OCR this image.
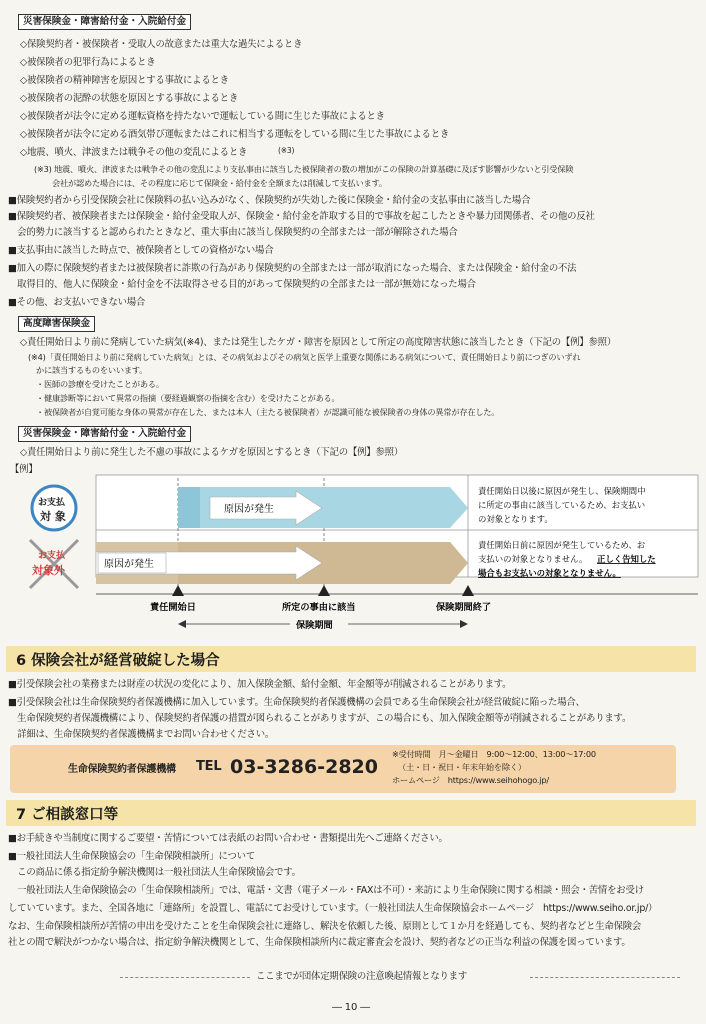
災害保険金・障害給付金・入院給付金
◇保険契約者・被保険者・受取人の故意または重大な過失によるとき
◇被保険者の犯罪行為によるとき
◇被保険者の精神障害を原因とする事故によるとき
◇被保険者の泥酔の状態を原因とする事故によるとき
◇被保険者が法令に定める運転資格を持たないで運転している間に生じた事故によるとき
◇被保険者が法令に定める酒気帯び運転またはこれに相当する運転をしている間に生じた事故によるとき
◇地震、噴火、津波または戦争その他の変乱によるとき	(※3)
(※3) 地震、噴火、津波または戦争その他の変乱により支払事由に該当した被保険者の数の増加がこの保険の計算基礎に及ぼす影響が少ないと引受保険
会社が認めた場合には、その程度に応じて保険金・給付金を全額または削減して支払います。
■保険契約者から引受保険会社に保険料の払い込みがなく、保険契約が失効した後に保険金・給付金の支払事由に該当した場合
■保険契約者、被保険者または保険金・給付金受取人が、保険金・給付金を詐取する目的で事故を起こしたときや暴力団関係者、その他の反社
　会的勢力に該当すると認められたときなど、重大事由に該当し保険契約の全部または一部が解除された場合
■支払事由に該当した時点で、被保険者としての資格がない場合
■加入の際に保険契約者または被保険者に詐欺の行為があり保険契約の全部または一部が取消になった場合、または保険金・給付金の不法
　取得目的、他人に保険金・給付金を不法取得させる目的があって保険契約の全部または一部が無効になった場合
■その他、お支払いできない場合
高度障害保険金
◇責任開始日より前に発病していた病気(※4)、または発生したケガ・障害を原因として所定の高度障害状態に該当したとき（下記の【例】参照）
(※4)「責任開始日より前に発病していた病気」とは、その病気およびその病気と医学上重要な関係にある病気について、責任開始日より前につぎのいずれ
かに該当するものをいいます。
・医師の診療を受けたことがある。
・健康診断等において異常の指摘（要経過観察の指摘を含む）を受けたことがある。
・被保険者が自覚可能な身体の異常が存在した、または本人（主たる被保険者）が認識可能な被保険者の身体の異常が存在した。
災害保険金・障害給付金・入院給付金
◇責任開始日より前に発生した不慮の事故によるケガを原因とするとき（下記の【例】参照）
【例】
原因が発生
原因が発生
お支払
対 象
お支払
対象外
責任開始日以後に原因が発生し、保険期間中
に所定の事由に該当しているため、お支払い
の対象となります。
責任開始日前に原因が発生しているため、お
支払いの対象となりません。 正しく告知した
場合もお支払いの対象となりません。
責任開始日	所定の事由に該当	保険期間終了
保険期間
6 保険会社が経営破綻した場合
■引受保険会社の業務または財産の状況の変化により、加入保険金額、給付金額、年金額等が削減されることがあります。
■引受保険会社は生命保険契約者保護機構に加入しています。生命保険契約者保護機構の会員である生命保険会社が経営破綻に陥った場合、
　生命保険契約者保護機構により、保険契約者保護の措置が図られることがありますが、この場合にも、加入保険金額等が削減されることがあります。
　詳細は、生命保険契約者保護機構までお問い合わせください。
生命保険契約者保護機構 TEL 03-3286-2820
※受付時間　月～金曜日　9:00～12:00、13:00～17:00
（土・日・祝日・年末年始を除く）
ホームページ　https://www.seihohogo.jp/
7 ご相談窓口等
■お手続きや当制度に関するご要望・苦情については表紙のお問い合わせ・書類提出先へご連絡ください。
■一般社団法人生命保険協会の「生命保険相談所」について
　この商品に係る指定紛争解決機関は一般社団法人生命保険協会です。
　一般社団法人生命保険協会の「生命保険相談所」では、電話・文書（電子メール・FAXは不可）・来訪により生命保険に関する相談・照会・苦情をお受け
していています。また、全国各地に「連絡所」を設置し、電話にてお受けしています。（一般社団法人生命保険協会ホームページ　https://www.seiho.or.jp/）
なお、生命保険相談所が苦情の申出を受けたことを生命保険会社に連絡し、解決を依頼した後、原則として１か月を経過しても、契約者などと生命保険会
社との間で解決がつかない場合は、指定紛争解決機関として、生命保険相談所内に裁定審査会を設け、契約者などの正当な利益の保護を図っています。
ここまでが団体定期保険の注意喚起情報となります
― 10 ―
